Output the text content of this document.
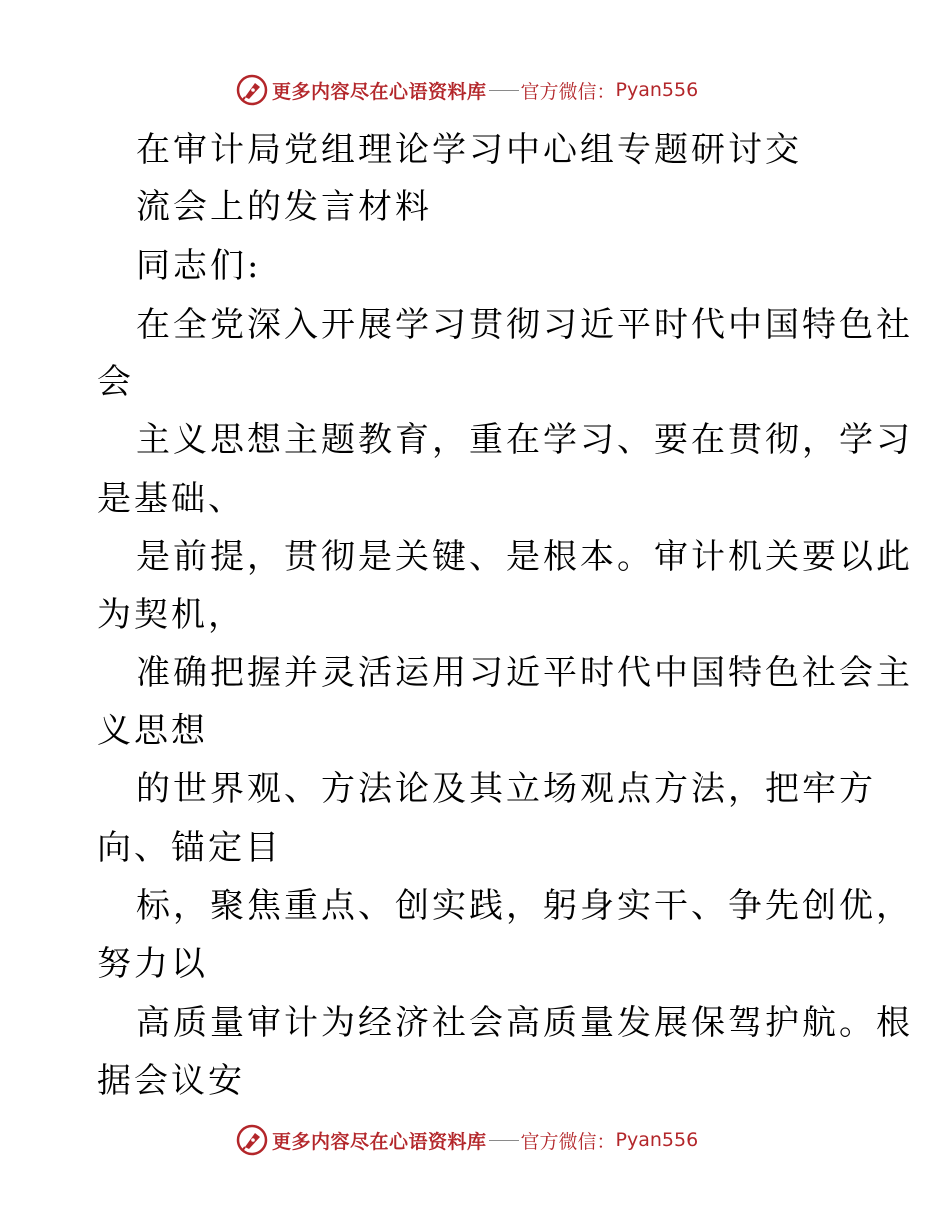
更多内容尽在心语资料库 官方微信： Pyan556
在审计局党组理论学习中心组专题研讨交
流会上的发言材料
同志们:
在全党深入开展学习贯彻习近平时代中国特色社
会
主义思想主题教育，重在学习、要在贯彻，学习
是基础、
是前提，贯彻是关键、是根本。审计机关要以此
为契机，
准确把握并灵活运用习近平时代中国特色社会主
义思想
的世界观、方法论及其立场观点方法，把牢方
向、锚定目
标，聚焦重点、创实践，躬身实干、争先创优，
努力以
高质量审计为经济社会高质量发展保驾护航。根
据会议安
更多内容尽在心语资料库 官方微信： Pyan556
